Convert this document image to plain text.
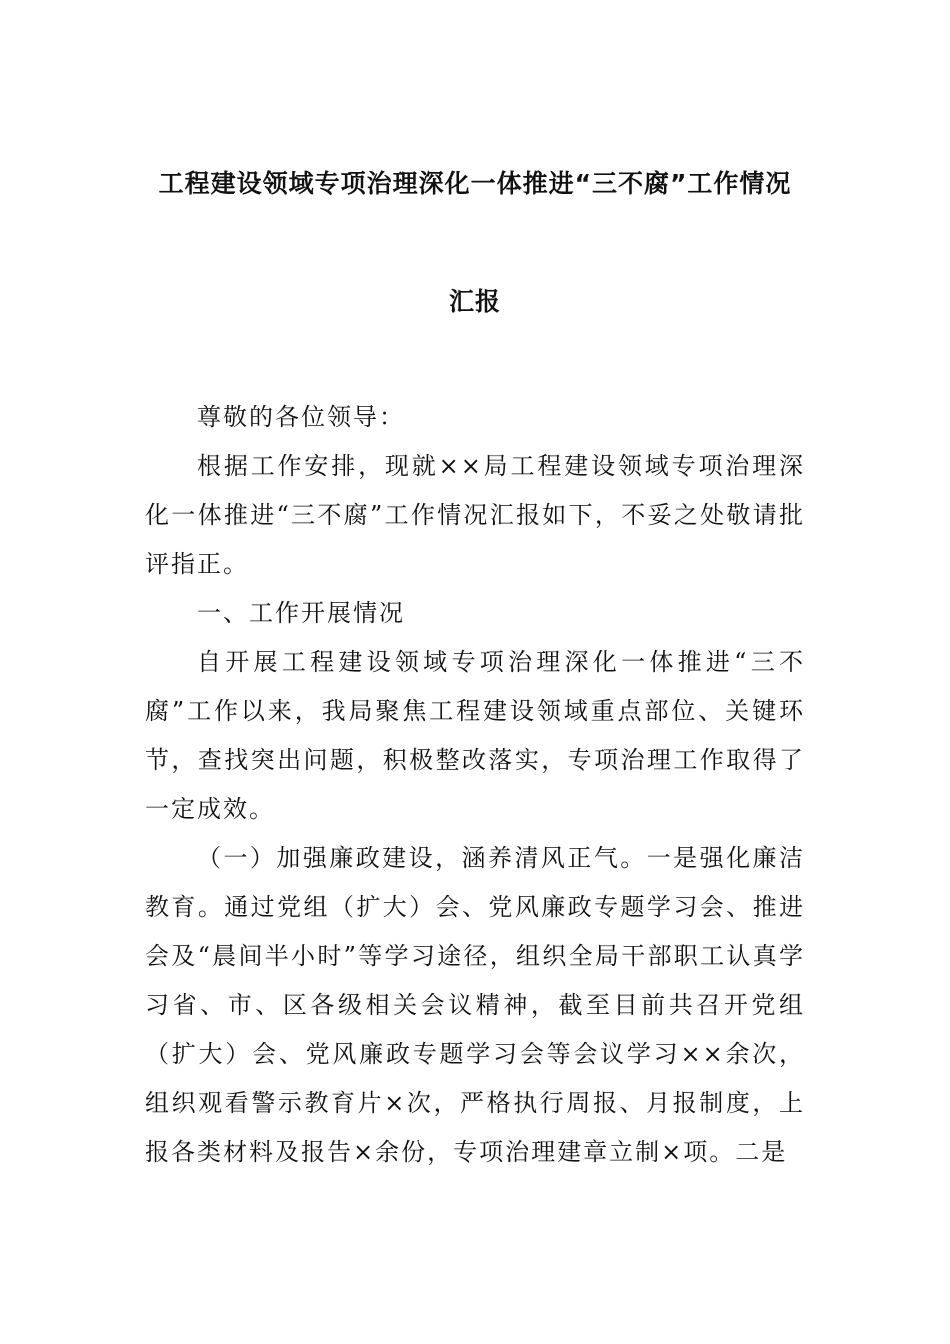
工程建设领域专项治理深化一体推进“三不腐”工作情况
汇报

尊敬的各位领导：

根据工作安排，现就××局工程建设领域专项治理深化一体推进“三不腐”工作情况汇报如下，不妥之处敬请批评指正。

一、工作开展情况

自开展工程建设领域专项治理深化一体推进“三不腐”工作以来，我局聚焦工程建设领域重点部位、关键环节，查找突出问题，积极整改落实，专项治理工作取得了一定成效。

（一）加强廉政建设，涵养清风正气。一是强化廉洁教育。通过党组（扩大）会、党风廉政专题学习会、推进会及“晨间半小时”等学习途径，组织全局干部职工认真学习省、市、区各级相关会议精神，截至目前共召开党组（扩大）会、党风廉政专题学习会等会议学习××余次，组织观看警示教育片×次，严格执行周报、月报制度，上报各类材料及报告×余份，专项治理建章立制×项。二是
